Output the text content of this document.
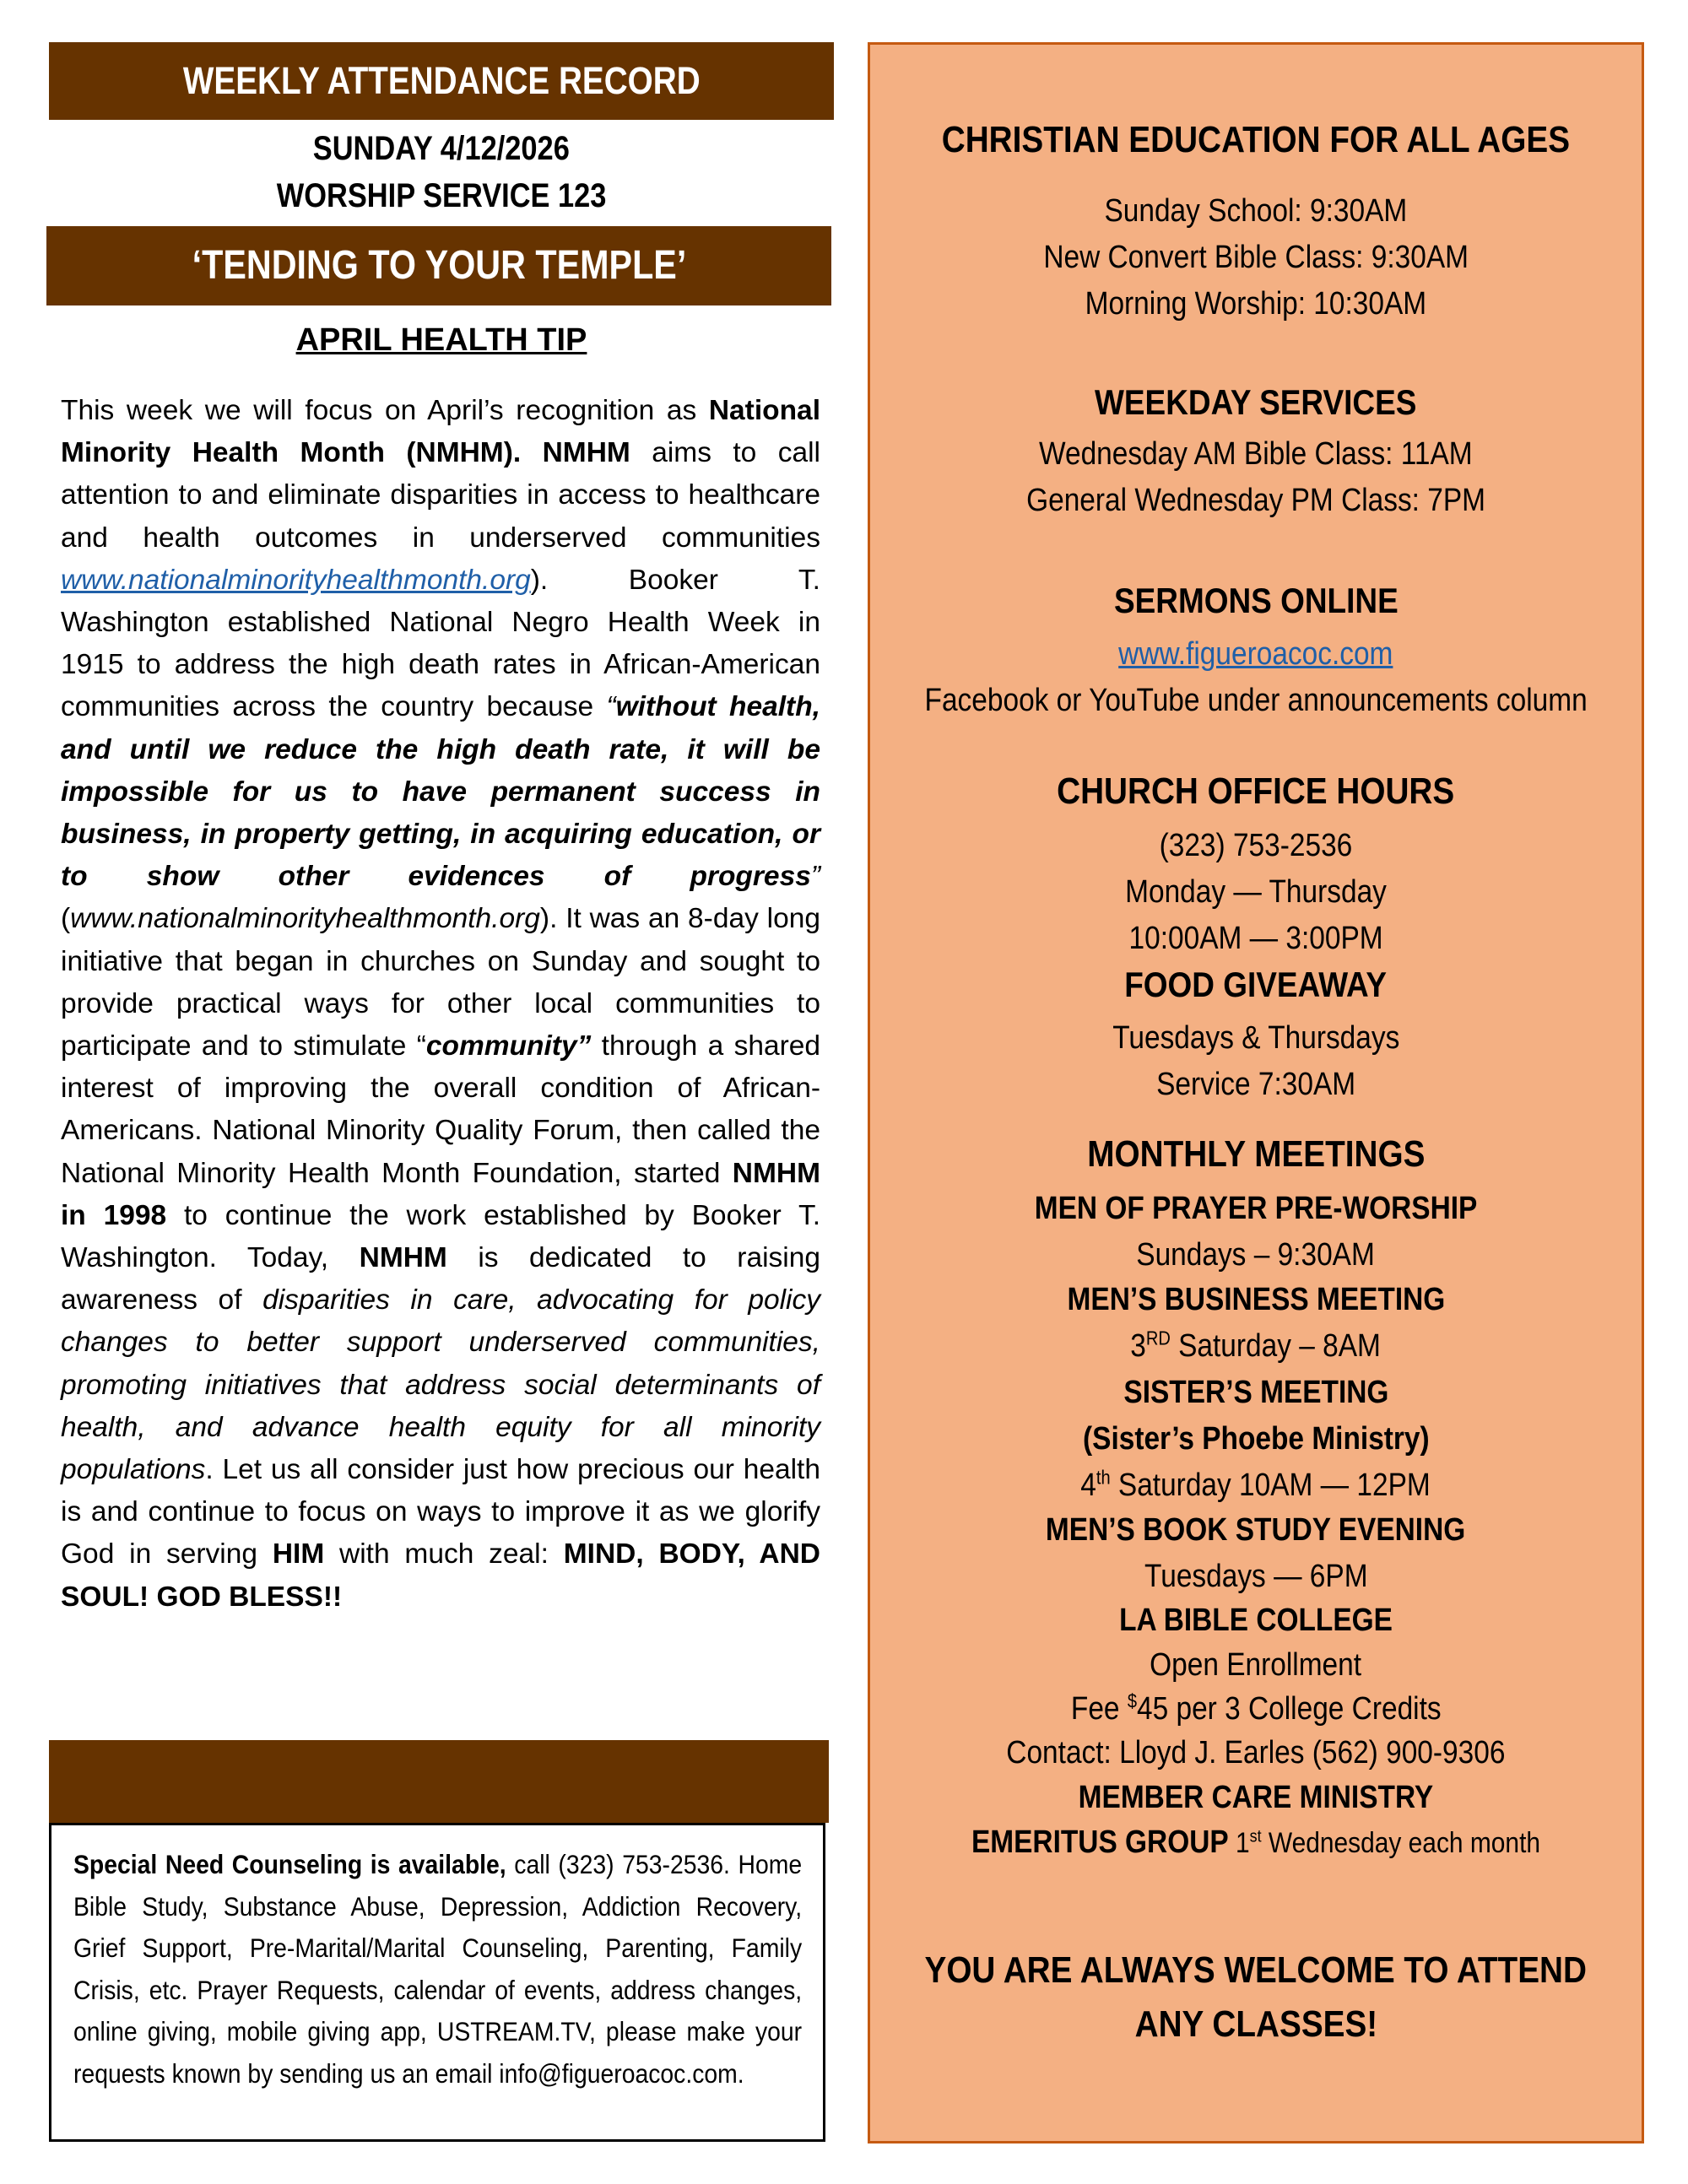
WEEKLY ATTENDANCE RECORD
SUNDAY 4/12/2026
WORSHIP SERVICE 123
‘TENDING TO YOUR TEMPLE’
APRIL HEALTH TIP
This week we will focus on April’s recognition as National Minority Health Month (NMHM). NMHM aims to call attention to and eliminate disparities in access to healthcare and health outcomes in underserved communities www.nationalminorityhealthmonth.org). Booker T. Washington established National Negro Health Week in 1915 to address the high death rates in African-American communities across the country because “without health, and until we reduce the high death rate, it will be impossible for us to have permanent success in business, in property getting, in acquiring education, or to show other evidences of progress” (www.nationalminorityhealthmonth.org). It was an 8-day long initiative that began in churches on Sunday and sought to provide practical ways for other local communities to participate and to stimulate “community” through a shared interest of improving the overall condition of African-Americans. National Minority Quality Forum, then called the National Minority Health Month Foundation, started NMHM in 1998 to continue the work established by Booker T. Washington. Today, NMHM is dedicated to raising awareness of disparities in care, advocating for policy changes to better support underserved communities, promoting initiatives that address social determinants of health, and advance health equity for all minority populations. Let us all consider just how precious our health is and continue to focus on ways to improve it as we glorify God in serving HIM with much zeal: MIND, BODY, AND SOUL! GOD BLESS!!
Special Need Counseling is available, call (323) 753-2536. Home Bible Study, Substance Abuse, Depression, Addiction Recovery, Grief Support, Pre-Marital/Marital Counseling, Parenting, Family Crisis, etc. Prayer Requests, calendar of events, address changes, online giving, mobile giving app, USTREAM.TV, please make your requests known by sending us an email info@figueroacoc.com.
CHRISTIAN EDUCATION FOR ALL AGES
Sunday School: 9:30AM
New Convert Bible Class: 9:30AM
Morning Worship: 10:30AM
WEEKDAY SERVICES
Wednesday AM Bible Class: 11AM
General Wednesday PM Class: 7PM
SERMONS ONLINE
www.figueroacoc.com
Facebook or YouTube under announcements column
CHURCH OFFICE HOURS
(323) 753-2536
Monday — Thursday
10:00AM — 3:00PM
FOOD GIVEAWAY
Tuesdays & Thursdays
Service 7:30AM
MONTHLY MEETINGS
MEN OF PRAYER PRE-WORSHIP
Sundays – 9:30AM
MEN’S BUSINESS MEETING
3RD Saturday – 8AM
SISTER’S MEETING
(Sister’s Phoebe Ministry)
4th Saturday 10AM — 12PM
MEN’S BOOK STUDY EVENING
Tuesdays — 6PM
LA BIBLE COLLEGE
Open Enrollment
Fee $45 per 3 College Credits
Contact: Lloyd J. Earles (562) 900-9306
MEMBER CARE MINISTRY
EMERITUS GROUP 1st Wednesday each month
YOU ARE ALWAYS WELCOME TO ATTEND
ANY CLASSES!
